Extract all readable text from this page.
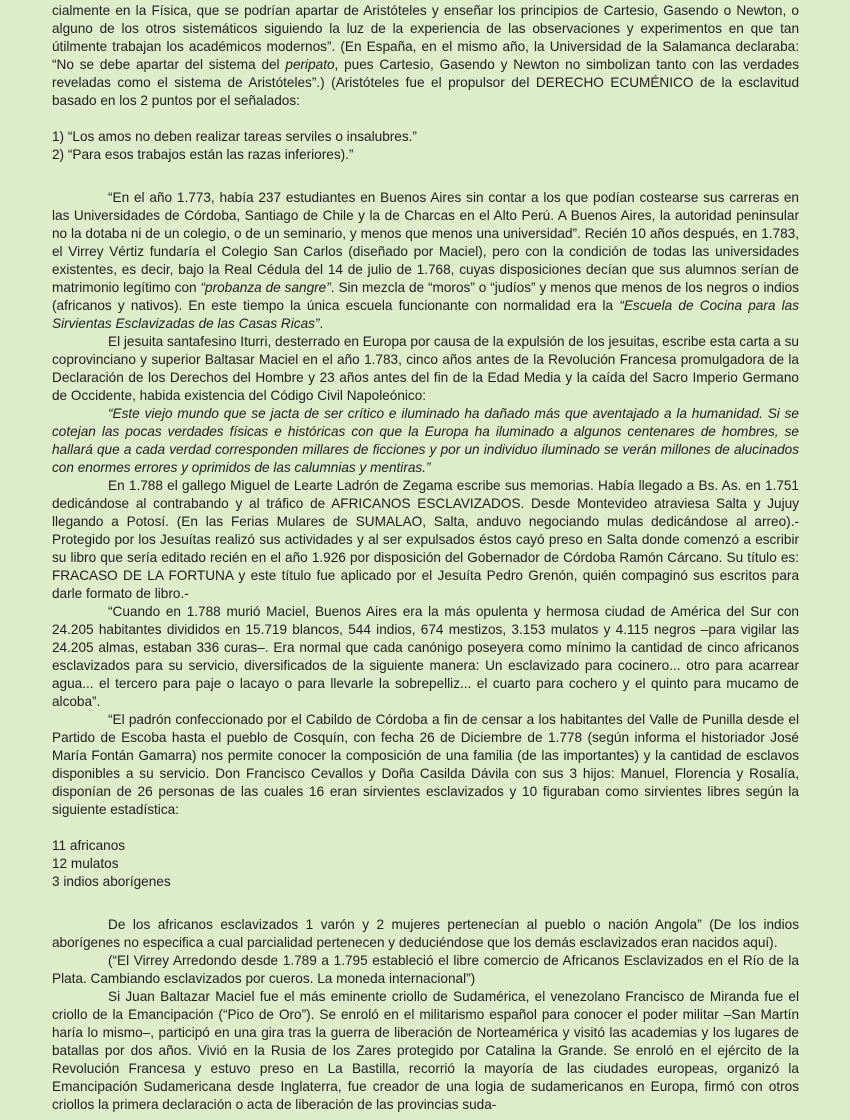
cialmente en la Física, que se podrían apartar de Aristóteles y enseñar los principios de Cartesio, Gasendo o Newton, o alguno de los otros sistemáticos siguiendo la luz de la experiencia de las observaciones y experimentos en que tan útilmente trabajan los académicos modernos”. (En España, en el mismo año, la Universidad de la Salamanca declaraba: “No se debe apartar del sistema del peripato, pues Cartesio, Gasendo y Newton no simbolizan tanto con las verdades reveladas como el sistema de Aristóteles”.) (Aristóteles fue el propulsor del DERECHO ECUMÉNICO de la esclavitud basado en los 2 puntos por el señalados:

1) “Los amos no deben realizar tareas serviles o insalubres.”

2) “Para esos trabajos están las razas inferiores).”

“En el año 1.773, había 237 estudiantes en Buenos Aires sin contar a los que podían costearse sus carreras en las Universidades de Córdoba, Santiago de Chile y la de Charcas en el Alto Perú. A Buenos Aires, la autoridad peninsular no la dotaba ni de un colegio, o de un seminario, y menos que menos una universidad”. Recién 10 años después, en 1.783, el Virrey Vértiz fundaría el Colegio San Carlos (diseñado por Maciel), pero con la condición de todas las universidades existentes, es decir, bajo la Real Cédula del 14 de julio de 1.768, cuyas disposiciones decían que sus alumnos serían de matrimonio legítimo con “probanza de sangre”. Sin mezcla de “moros” o “judíos” y menos que menos de los negros o indios (africanos y nativos). En este tiempo la única escuela funcionante con normalidad era la “Escuela de Cocina para las Sirvientas Esclavizadas de las Casas Ricas”.

El jesuita santafesino Iturri, desterrado en Europa por causa de la expulsión de los jesuitas, escribe esta carta a su coprovinciano y superior Baltasar Maciel en el año 1.783, cinco años antes de la Revolución Francesa promulgadora de la Declaración de los Derechos del Hombre y 23 años antes del fin de la Edad Media y la caída del Sacro Imperio Germano de Occidente, habida existencia del Código Civil Napoleónico:

“Este viejo mundo que se jacta de ser crítico e iluminado ha dañado más que aventajado a la humanidad. Si se cotejan las pocas verdades físicas e históricas con que la Europa ha iluminado a algunos centenares de hombres, se hallará que a cada verdad corresponden millares de ficciones y por un individuo iluminado se verán millones de alucinados con enormes errores y oprimidos de las calumnias y mentiras.”

En 1.788 el gallego Miguel de Learte Ladrón de Zegama escribe sus memorias. Había llegado a Bs. As. en 1.751 dedicándose al contrabando y al tráfico de AFRICANOS ESCLAVIZADOS. Desde Montevideo atraviesa Salta y Jujuy llegando a Potosí. (En las Ferias Mulares de SUMALAO, Salta, anduvo negociando mulas dedicándose al arreo).- Protegido por los Jesuítas realizó sus actividades y al ser expulsados éstos cayó preso en Salta donde comenzó a escribir su libro que sería editado recién en el año 1.926 por disposición del Gobernador de Córdoba Ramón Cárcano. Su título es: FRACASO DE LA FORTUNA y este título fue aplicado por el Jesuíta Pedro Grenón, quién compaginó sus escritos para darle formato de libro.-

“Cuando en 1.788 murió Maciel, Buenos Aires era la más opulenta y hermosa ciudad de América del Sur con 24.205 habitantes divididos en 15.719 blancos, 544 indios, 674 mestizos, 3.153 mulatos y 4.115 negros –para vigilar las 24.205 almas, estaban 336 curas–. Era normal que cada canónigo poseyera como mínimo la cantidad de cinco africanos esclavizados para su servicio, diversificados de la siguiente manera: Un esclavizado para cocinero... otro para acarrear agua... el tercero para paje o lacayo o para llevarle la sobrepelliz... el cuarto para cochero y el quinto para mucamo de alcoba”.

“El padrón confeccionado por el Cabildo de Córdoba a fin de censar a los habitantes del Valle de Punilla desde el Partido de Escoba hasta el pueblo de Cosquín, con fecha 26 de Diciembre de 1.778 (según informa el historiador José María Fontán Gamarra) nos permite conocer la composición de una familia (de las importantes) y la cantidad de esclavos disponibles a su servicio. Don Francisco Cevallos y Doña Casilda Dávila con sus 3 hijos: Manuel, Florencia y Rosalía, disponían de 26 personas de las cuales 16 eran sirvientes esclavizados y 10 figuraban como sirvientes libres según la siguiente estadística:

11 africanos

12 mulatos

3 indios aborígenes

De los africanos esclavizados 1 varón y 2 mujeres pertenecían al pueblo o nación Angola” (De los indios aborígenes no especifica a cual parcialidad pertenecen y deduciéndose que los demás esclavizados eran nacidos aquí).

(“El Virrey Arredondo desde 1.789 a 1.795 estableció el libre comercio de Africanos Esclavizados en el Río de la Plata. Cambiando esclavizados por cueros. La moneda internacional”)

Si Juan Baltazar Maciel fue el más eminente criollo de Sudamérica, el venezolano Francisco de Miranda fue el criollo de la Emancipación (“Pico de Oro”). Se enroló en el militarismo español para conocer el poder militar –San Martín haría lo mismo–, participó en una gira tras la guerra de liberación de Norteamérica y visitó las academias y los lugares de batallas por dos años. Vivió en la Rusia de los Zares protegido por Catalina la Grande. Se enroló en el ejército de la Revolución Francesa y estuvo preso en La Bastilla, recorrió la mayoría de las ciudades europeas, organizó la Emancipación Sudamericana desde Inglaterra, fue creador de una logia de sudamericanos en Europa, firmó con otros criollos la primera declaración o acta de liberación de las provincias suda-
